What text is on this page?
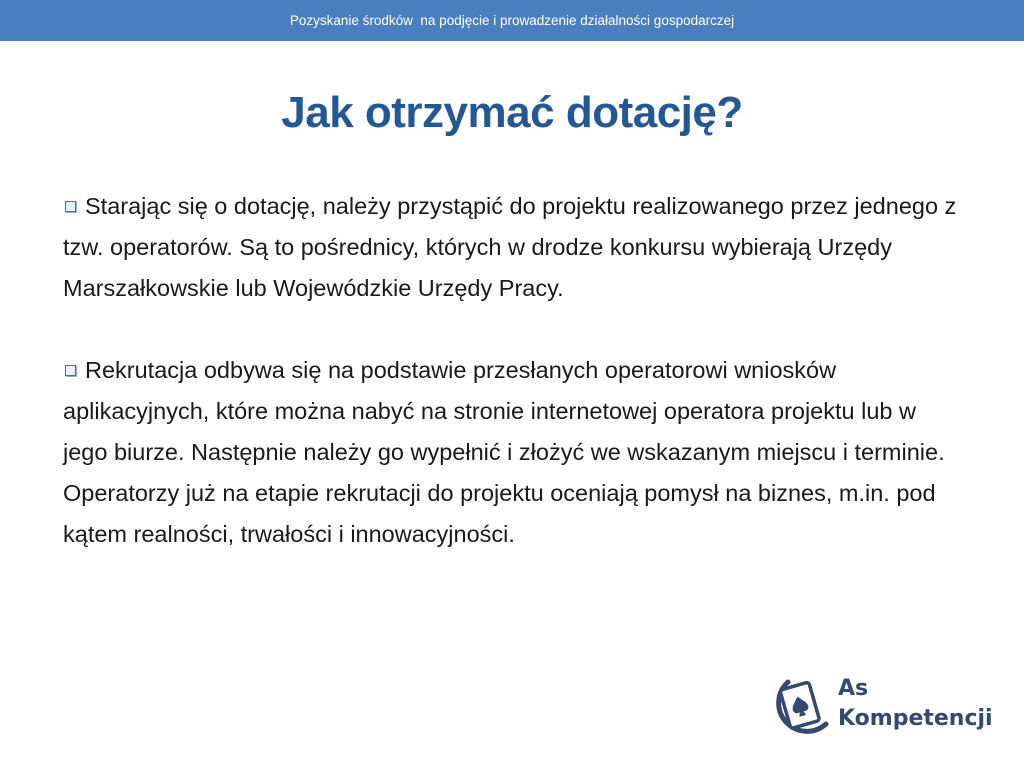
Pozyskanie środków  na podjęcie i prowadzenie działalności gospodarczej
Jak otrzymać dotację?

Starając się o dotację, należy przystąpić do projektu realizowanego przez jednego z tzw. operatorów. Są to pośrednicy, których w drodze konkursu wybierają Urzędy Marszałkowskie lub Wojewódzkie Urzędy Pracy.

Rekrutacja odbywa się na podstawie przesłanych operatorowi wniosków aplikacyjnych, które można nabyć na stronie internetowej operatora projektu lub w jego biurze. Następnie należy go wypełnić i złożyć we wskazanym miejscu i terminie. Operatorzy już na etapie rekrutacji do projektu oceniają pomysł na biznes, m.in. pod kątem realności, trwałości i innowacyjności.

As
Kompetencji
